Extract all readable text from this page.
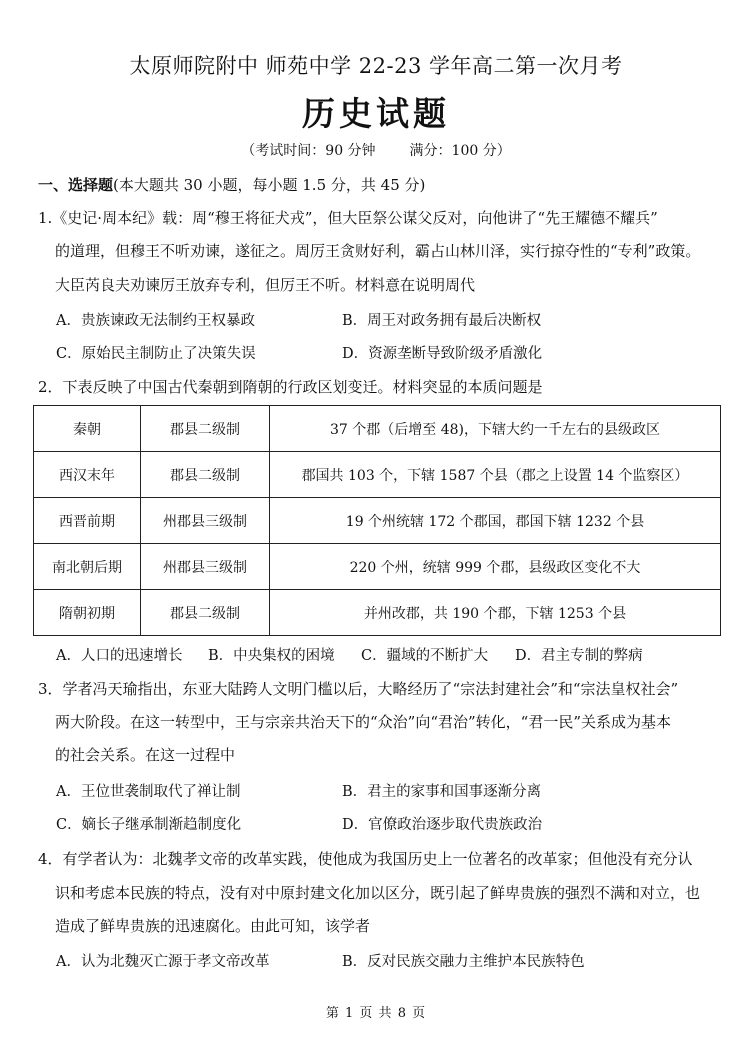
太原师院附中 师苑中学 22-23 学年高二第一次月考
历史试题
（考试时间：90 分钟 满分：100 分）
一、选择题(本大题共 30 小题，每小题 1.5 分，共 45 分)
1.《史记·周本纪》载：周“穆王将征犬戎”，但大臣祭公谋父反对，向他讲了“先王耀德不耀兵”
的道理，但穆王不听劝谏，遂征之。周厉王贪财好利，霸占山林川泽，实行掠夺性的“专利”政策。
大臣芮良夫劝谏厉王放弃专利，但厉王不听。材料意在说明周代
A．贵族谏政无法制约王权暴政	B．周王对政务拥有最后决断权
C．原始民主制防止了决策失误	D．资源垄断导致阶级矛盾激化
2．下表反映了中国古代秦朝到隋朝的行政区划变迁。材料突显的本质问题是
秦朝	郡县二级制	37 个郡（后增至 48)，下辖大约一千左右的县级政区
西汉末年	郡县二级制	郡国共 103 个，下辖 1587 个县（郡之上设置 14 个监察区）
西晋前期	州郡县三级制	19 个州统辖 172 个郡国，郡国下辖 1232 个县
南北朝后期	州郡县三级制	220 个州，统辖 999 个郡，县级政区变化不大
隋朝初期	郡县二级制	并州改郡，共 190 个郡，下辖 1253 个县
A．人口的迅速增长 B．中央集权的困境 C．疆域的不断扩大 D．君主专制的弊病
3．学者冯天瑜指出，东亚大陆跨人文明门槛以后，大略经历了“宗法封建社会”和“宗法皇权社会”
两大阶段。在这一转型中，王与宗亲共治天下的“众治”向“君治”转化，“君一民”关系成为基本
的社会关系。在这一过程中
A．王位世袭制取代了禅让制	B．君主的家事和国事逐渐分离
C．嫡长子继承制渐趋制度化	D．官僚政治逐步取代贵族政治
4．有学者认为：北魏孝文帝的改革实践，使他成为我国历史上一位著名的改革家；但他没有充分认
识和考虑本民族的特点，没有对中原封建文化加以区分，既引起了鲜卑贵族的强烈不满和对立，也
造成了鲜卑贵族的迅速腐化。由此可知，该学者
A．认为北魏灭亡源于孝文帝改革	B．反对民族交融力主维护本民族特色
第 1 页 共 8 页
